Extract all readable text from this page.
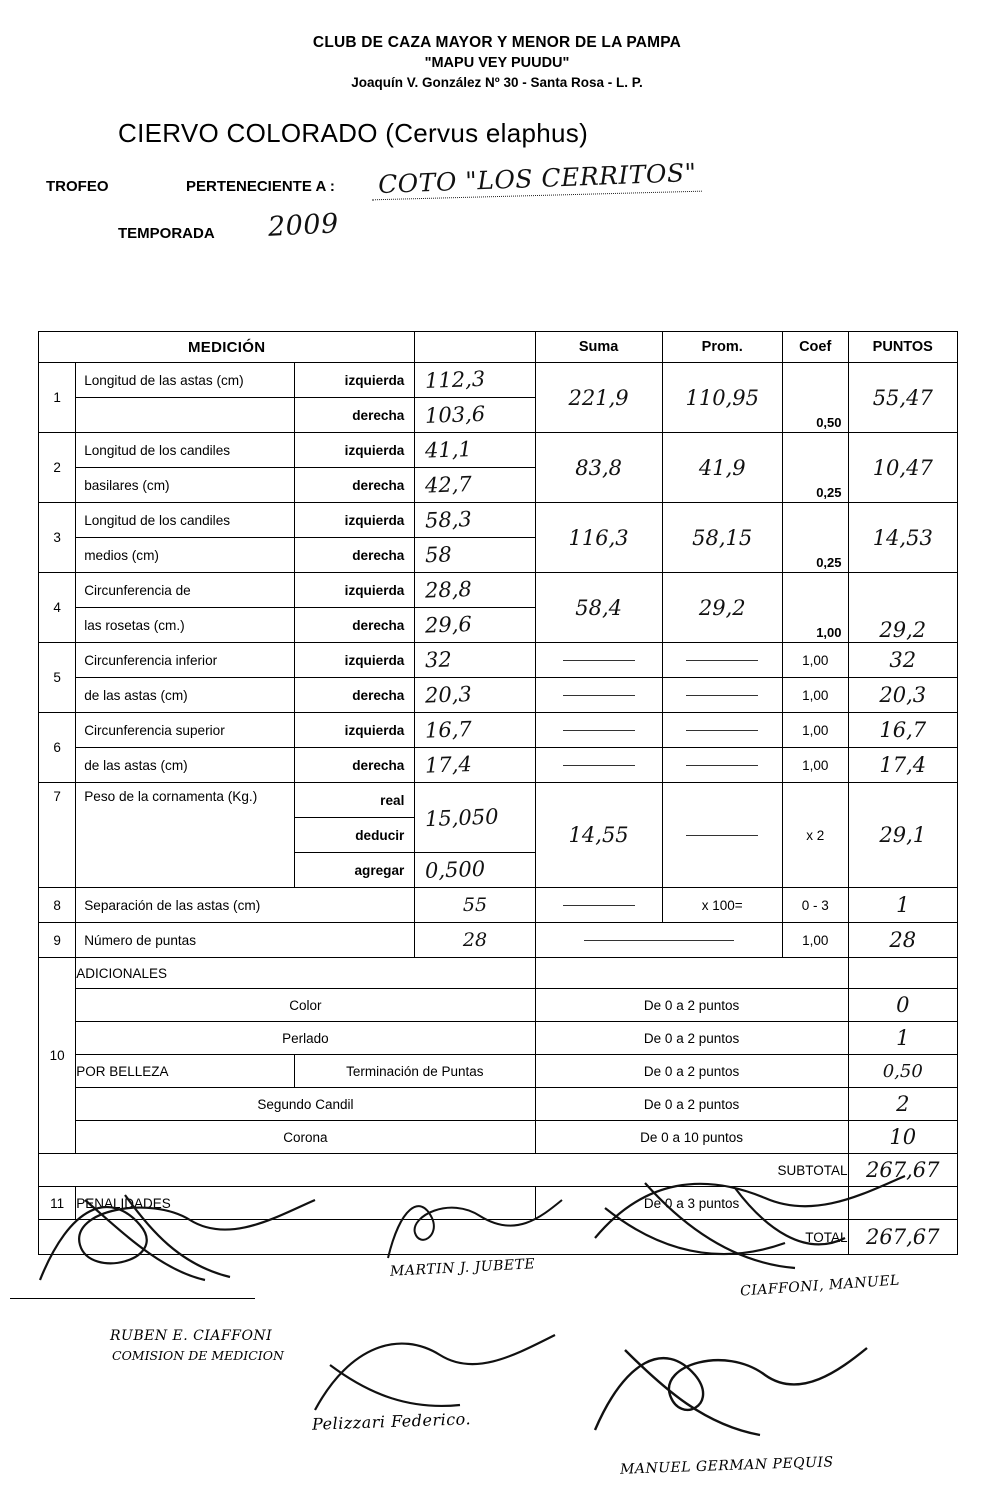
CLUB DE CAZA MAYOR Y MENOR DE LA PAMPA
"MAPU VEY PUUDU"
Joaquín V. González Nº 30 - Santa Rosa - L. P.
CIERVO COLORADO (Cervus elaphus)
TROFEO	PERTENECIENTE A : COTO "LOS CERRITOS"
TEMPORADA 2009
MEDICIÓN				Suma	Prom.	Coef	PUNTOS
1	Longitud de las astas (cm)	izquierda	112,3	221,9	110,95	0,50	55,47

		derecha	103,6				
2	Longitud de los candiles	izquierda	41,1	83,8	41,9	0,25	10,47
	basilares (cm)	derecha	42,7				
3	Longitud de los candiles	izquierda	58,3	116,3	58,15	0,25	14,53
	medios (cm)	derecha	58				
4	Circunferencia de	izquierda	28,8	58,4	29,2	1,00	29,2
	las rosetas (cm.)	derecha	29,6				
5	Circunferencia inferior	izquierda	32			1,00	32
	de las astas (cm)	derecha	20,3			1,00	20,3
6	Circunferencia superior	izquierda	16,7			1,00	16,7
	de las astas (cm)	derecha	17,4			1,00	17,4
7	Peso de la cornamenta (Kg.)	real	15,050	14,55		x 2	29,1

		deducir					

		agregar	0,500				
8	Separación de las astas (cm)		55		x 100=	0 - 3	1
9	Número de puntas		28			1,00	28
10	ADICIONALES						
	Color			De 0 a 2 puntos			0
	Perlado			De 0 a 2 puntos			1
	POR BELLEZA	Terminación de Puntas		De 0 a 2 puntos			0,50
	Segundo Candil			De 0 a 2 puntos			2
	Corona			De 0 a 10 puntos			10
SUBTOTAL							267,67
11	PENALIDADES			De 0 a 3 puntos			
TOTAL							267,67
RUBEN E. CIAFFONI
COMISION DE MEDICION
MARTIN J. JUBETE
CIAFFONI, MANUEL
Pelizzari Federico.
MANUEL GERMAN PEQUIS
